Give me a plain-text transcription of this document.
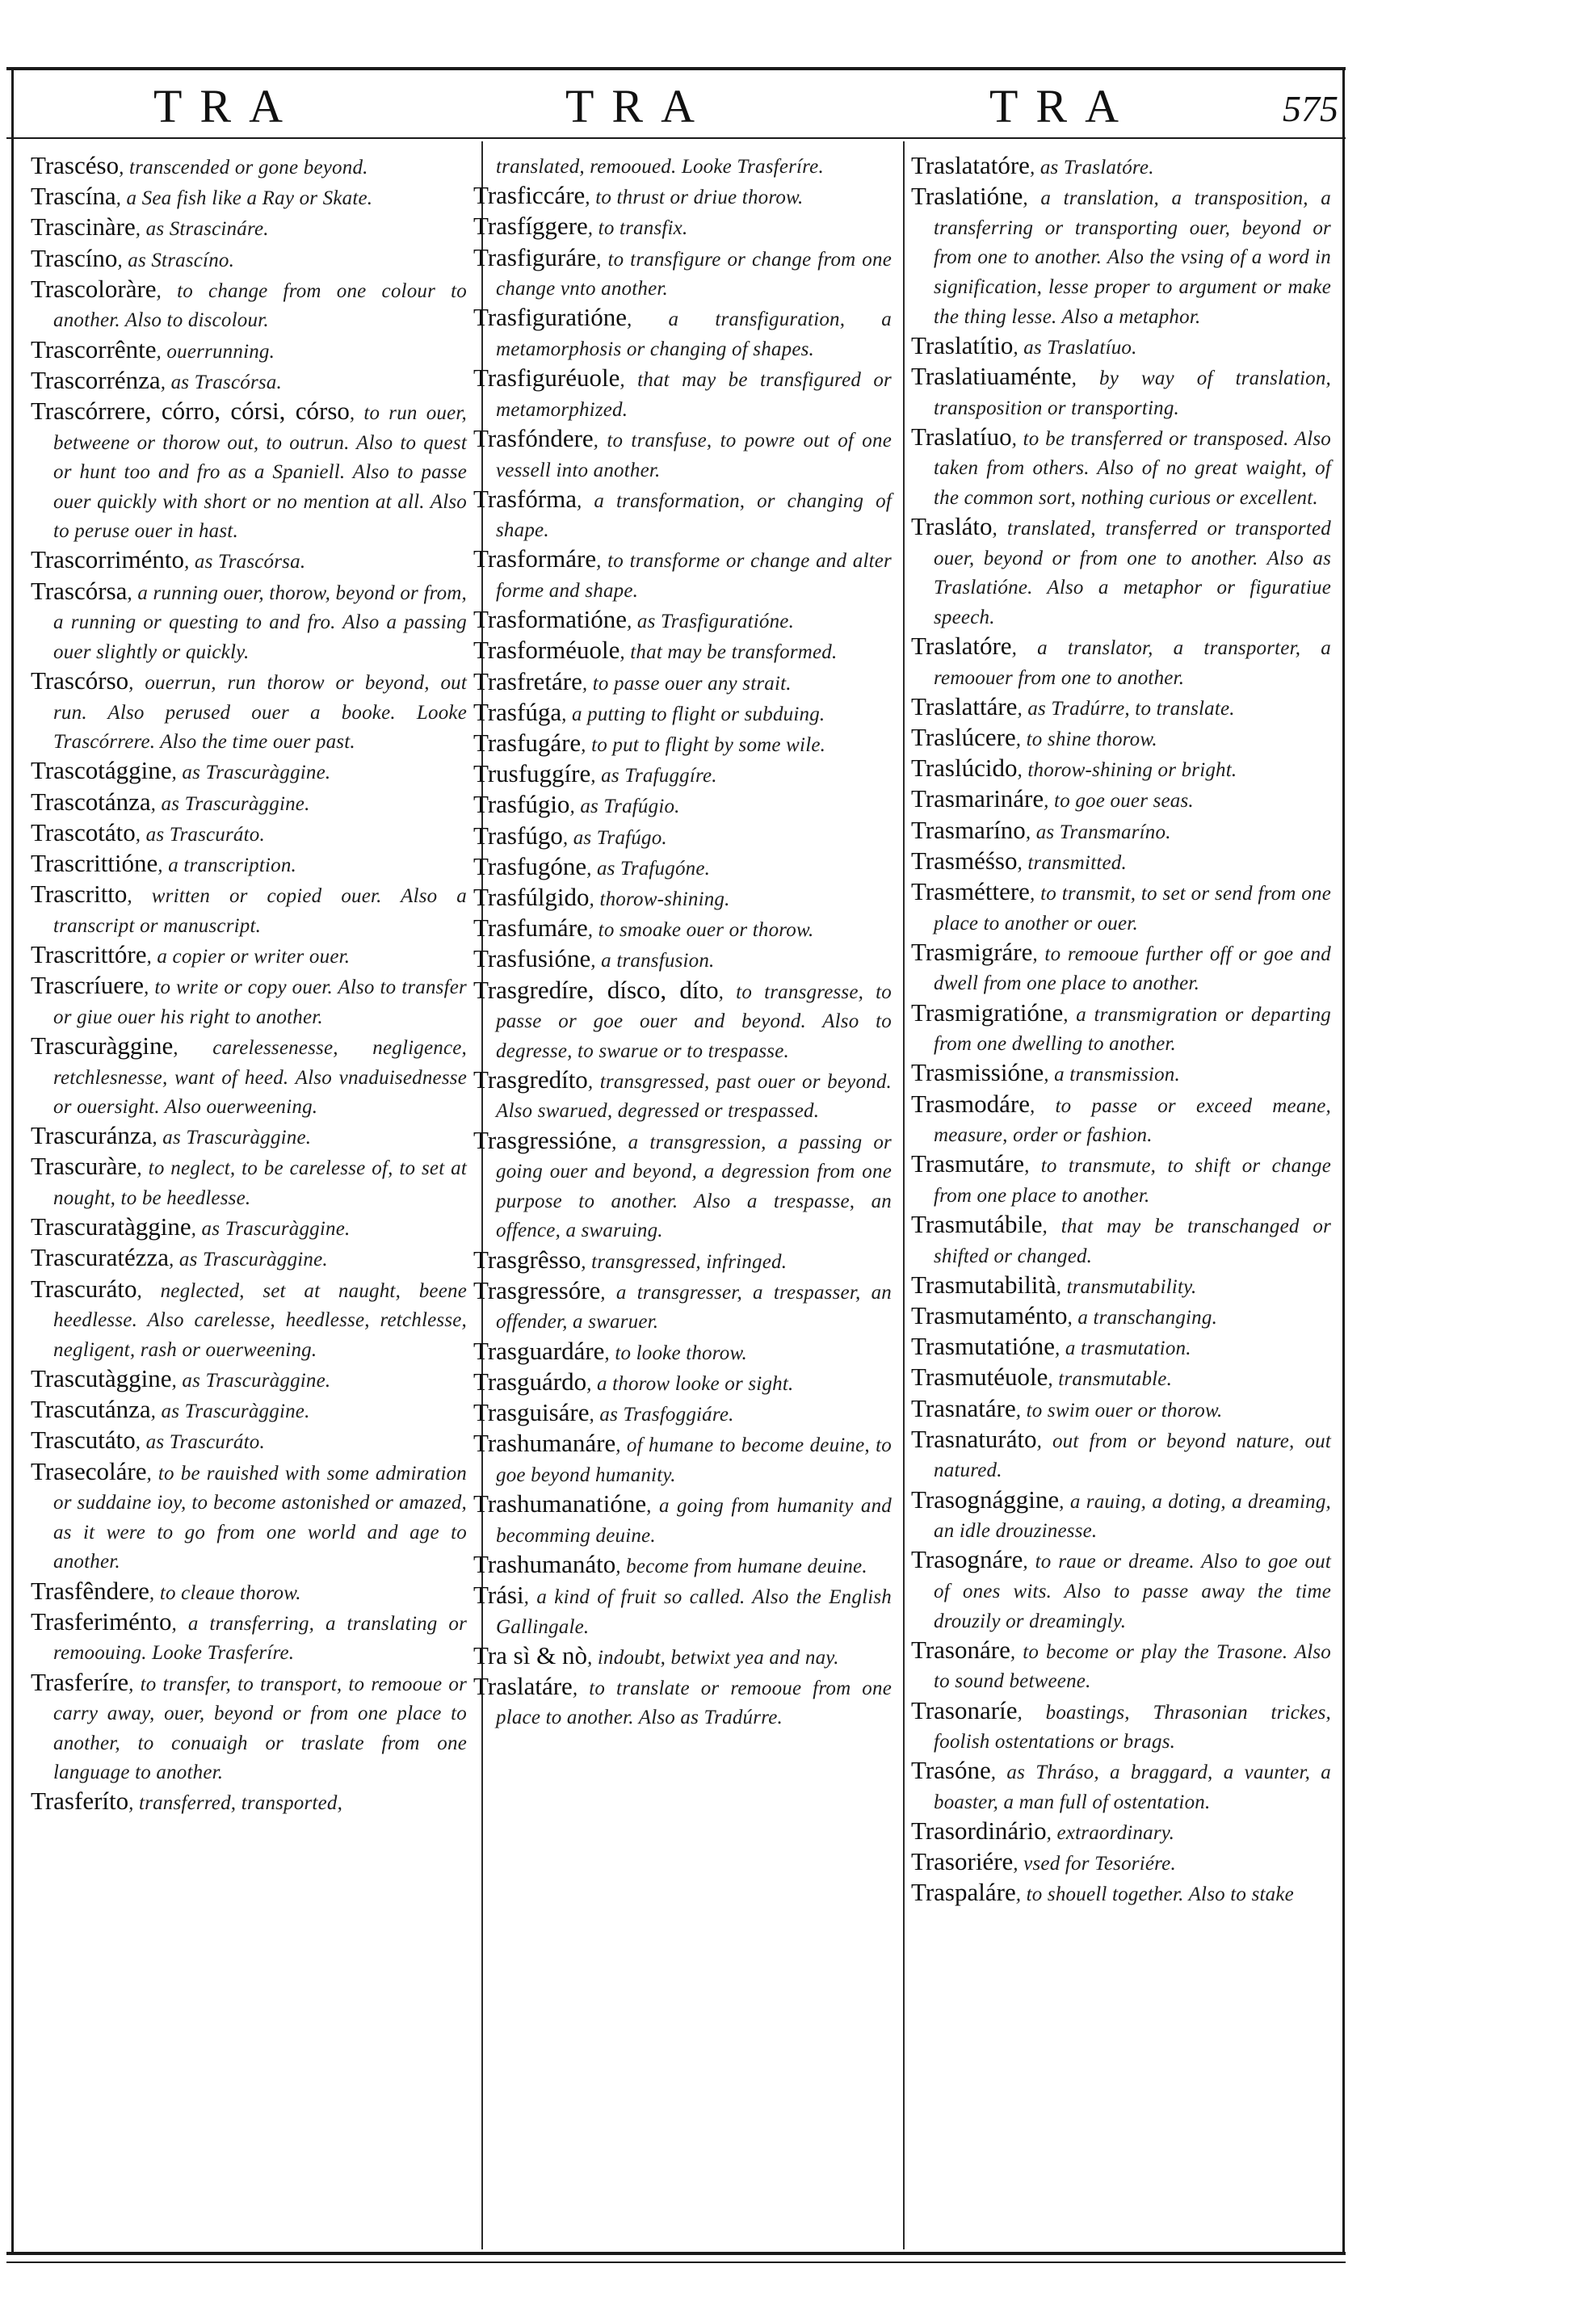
TRA	TRA	TRA	575
Trascéso, transcended or gone beyond.
Trascína, a Sea fish like a Ray or Skate.
Trascinàre, as Strascináre.
Trascíno, as Strascíno.
Trascoloràre, to change from one colour to another. Also to discolour.
Trascorrênte, ouerrunning.
Trascorrénza, as Trascórsa.
Trascórrere, córro, córsi, córso, to run ouer, betweene or thorow out, to outrun. Also to quest or hunt too and fro as a Spaniell. Also to passe ouer quickly with short or no mention at all. Also to peruse ouer in hast.
Trascorriménto, as Trascórsa.
Trascórsa, a running ouer, thorow, beyond or from, a running or questing to and fro. Also a passing ouer slightly or quickly.
Trascórso, ouerrun, run thorow or beyond, out run. Also perused ouer a booke. Looke Trascórrere. Also the time ouer past.
Trascotággine, as Trascuràggine.
Trascotánza, as Trascuràggine.
Trascotáto, as Trascuráto.
Trascrittióne, a transcription.
Trascritto, written or copied ouer. Also a transcript or manuscript.
Trascrittóre, a copier or writer ouer.
Trascríuere, to write or copy ouer. Also to transfer or giue ouer his right to another.
Trascuràggine, carelessenesse, negligence, retchlesnesse, want of heed. Also vnaduisednesse or ouersight. Also ouerweening.
Trascuránza, as Trascuràggine.
Trascuràre, to neglect, to be carelesse of, to set at nought, to be heedlesse.
Trascuratàggine, as Trascuràggine.
Trascuratézza, as Trascuràggine.
Trascuráto, neglected, set at naught, beene heedlesse. Also carelesse, heedlesse, retchlesse, negligent, rash or ouerweening.
Trascutàggine, as Trascuràggine.
Trascutánza, as Trascuràggine.
Trascutáto, as Trascuráto.
Trasecoláre, to be rauished with some admiration or suddaine ioy, to become astonished or amazed, as it were to go from one world and age to another.
Trasfêndere, to cleaue thorow.
Trasferiménto, a transferring, a translating or remoouing. Looke Trasferíre.
Trasferíre, to transfer, to transport, to remooue or carry away, ouer, beyond or from one place to another, to conuaigh or traslate from one language to another.
Trasferíto, transferred, transported,
translated, remooued. Looke Trasferíre.
Trasficcáre, to thrust or driue thorow.
Trasfíggere, to transfix.
Trasfiguráre, to transfigure or change from one change vnto another.
Trasfiguratióne, a transfiguration, a metamorphosis or changing of shapes.
Trasfiguréuole, that may be transfigured or metamorphized.
Trasfóndere, to transfuse, to powre out of one vessell into another.
Trasfórma, a transformation, or changing of shape.
Trasformáre, to transforme or change and alter forme and shape.
Trasformatióne, as Trasfiguratióne.
Trasforméuole, that may be transformed.
Trasfretáre, to passe ouer any strait.
Trasfúga, a putting to flight or subduing.
Trasfugáre, to put to flight by some wile.
Trusfuggíre, as Trafuggíre.
Trasfúgio, as Trafúgio.
Trasfúgo, as Trafúgo.
Trasfugóne, as Trafugóne.
Trasfúlgido, thorow-shining.
Trasfumáre, to smoake ouer or thorow.
Trasfusióne, a transfusion.
Trasgredíre, dísco, díto, to transgresse, to passe or goe ouer and beyond. Also to degresse, to swarue or to trespasse.
Trasgredíto, transgressed, past ouer or beyond. Also swarued, degressed or trespassed.
Trasgressióne, a transgression, a passing or going ouer and beyond, a degression from one purpose to another. Also a trespasse, an offence, a swaruing.
Trasgrêsso, transgressed, infringed.
Trasgressóre, a transgresser, a trespasser, an offender, a swaruer.
Trasguardáre, to looke thorow.
Trasguárdo, a thorow looke or sight.
Trasguisáre, as Trasfoggiáre.
Trashumanáre, of humane to become deuine, to goe beyond humanity.
Trashumanatióne, a going from humanity and becomming deuine.
Trashumanáto, become from humane deuine.
Trási, a kind of fruit so called. Also the English Gallingale.
Tra sì & nò, indoubt, betwixt yea and nay.
Traslatáre, to translate or remooue from one place to another. Also as Tradúrre.
Traslatatóre, as Traslatóre.
Traslatióne, a translation, a transposition, a transferring or transporting ouer, beyond or from one to another. Also the vsing of a word in signification, lesse proper to argument or make the thing lesse. Also a metaphor.
Traslatítio, as Traslatíuo.
Traslatiuaménte, by way of translation, transposition or transporting.
Traslatíuo, to be transferred or transposed. Also taken from others. Also of no great waight, of the common sort, nothing curious or excellent.
Trasláto, translated, transferred or transported ouer, beyond or from one to another. Also as Traslatióne. Also a metaphor or figuratiue speech.
Traslatóre, a translator, a transporter, a remoouer from one to another.
Traslattáre, as Tradúrre, to translate.
Traslúcere, to shine thorow.
Traslúcido, thorow-shining or bright.
Trasmarináre, to goe ouer seas.
Trasmaríno, as Transmaríno.
Trasméśso, transmitted.
Trasméttere, to transmit, to set or send from one place to another or ouer.
Trasmigráre, to remooue further off or goe and dwell from one place to another.
Trasmigratióne, a transmigration or departing from one dwelling to another.
Trasmissióne, a transmission.
Trasmodáre, to passe or exceed meane, measure, order or fashion.
Trasmutáre, to transmute, to shift or change from one place to another.
Trasmutábile, that may be transchanged or shifted or changed.
Trasmutabilità, transmutability.
Trasmutaménto, a transchanging.
Trasmutatióne, a trasmutation.
Trasmutéuole, transmutable.
Trasnatáre, to swim ouer or thorow.
Trasnaturáto, out from or beyond nature, out natured.
Trasognággine, a rauing, a doting, a dreaming, an idle drouzinesse.
Trasognáre, to raue or dreame. Also to goe out of ones wits. Also to passe away the time drouzily or dreamingly.
Trasonáre, to become or play the Trasone. Also to sound betweene.
Trasonaríe, boastings, Thrasonian trickes, foolish ostentations or brags.
Trasóne, as Thráso, a braggard, a vaunter, a boaster, a man full of ostentation.
Trasordinário, extraordinary.
Trasoriére, vsed for Tesoriére.
Traspaláre, to shouell together. Also to stake
